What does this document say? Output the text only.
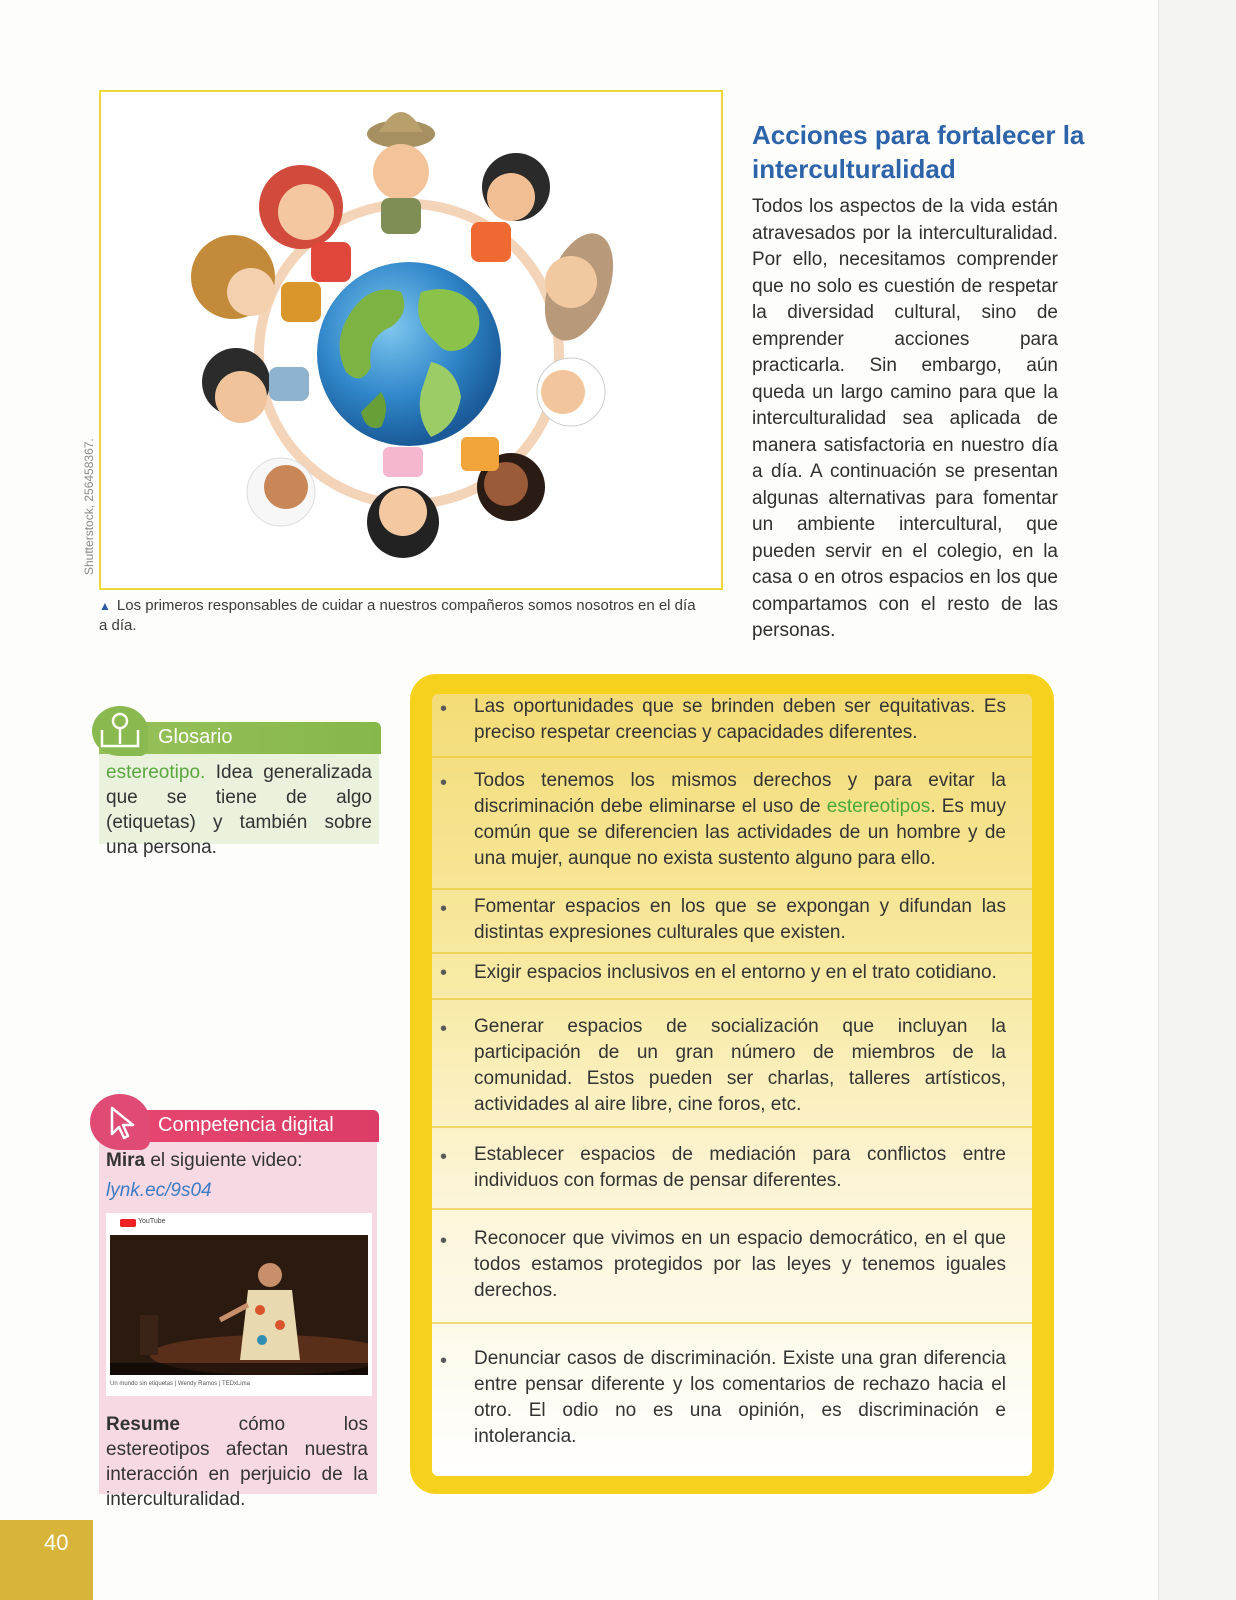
Shutterstock, 256458367.
▲ Los primeros responsables de cuidar a nuestros compañeros somos nosotros en el día a día.
Acciones para fortalecer la interculturalidad

Todos los aspectos de la vida están atravesados por la interculturalidad. Por ello, necesitamos comprender que no solo es cuestión de respetar la diversidad cultural, sino de emprender acciones para practicarla. Sin embargo, aún queda un largo camino para que la interculturalidad sea aplicada de manera satisfactoria en nuestro día a día. A continuación se presentan algunas alternativas para fomentar un ambiente intercultural, que pueden servir en el colegio, en la casa o en otros espacios en los que compartamos con el resto de las personas.

Glosario
estereotipo. Idea generalizada que se tiene de algo (etiquetas) y también sobre una persona.
• Las oportunidades que se brinden deben ser equitativas. Es preciso respetar creencias y capacidades diferentes.
• Todos tenemos los mismos derechos y para evitar la discriminación debe eliminarse el uso de estereotipos. Es muy común que se diferencien las actividades de un hombre y de una mujer, aunque no exista sustento alguno para ello.
• Fomentar espacios en los que se expongan y difundan las distintas expresiones culturales que existen.
• Exigir espacios inclusivos en el entorno y en el trato cotidiano.
• Generar espacios de socialización que incluyan la participación de un gran número de miembros de la comunidad. Estos pueden ser charlas, talleres artísticos, actividades al aire libre, cine foros, etc.
• Establecer espacios de mediación para conflictos entre individuos con formas de pensar diferentes.
• Reconocer que vivimos en un espacio democrático, en el que todos estamos protegidos por las leyes y tenemos iguales derechos.
• Denunciar casos de discriminación. Existe una gran diferencia entre pensar diferente y los comentarios de rechazo hacia el otro. El odio no es una opinión, es discriminación e intolerancia.
Competencia digital
Mira el siguiente video:
lynk.ec/9s04
YouTube
Un mundo sin etiquetas | Wendy Ramos | TEDxLima
Resume cómo los estereotipos afectan nuestra interacción en perjuicio de la interculturalidad.
40
